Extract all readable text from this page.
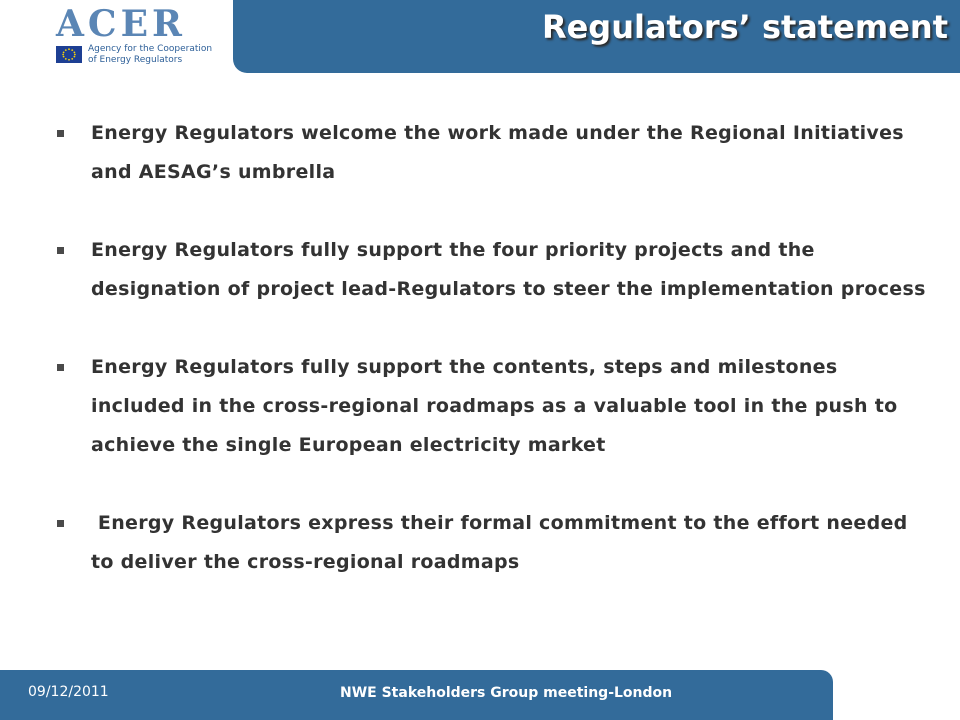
ACER
Agency for the Cooperation
of Energy Regulators
Regulators’ statement
Energy Regulators welcome the work made under the Regional Initiatives and AESAG’s umbrella
Energy Regulators fully support the four priority projects and the designation of project lead-Regulators to steer the implementation process
Energy Regulators fully support the contents, steps and milestones included in the cross-regional roadmaps as a valuable tool in the push to achieve the single European electricity market
Energy Regulators express their formal commitment to the effort needed to deliver the cross-regional roadmaps
09/12/2011	NWE Stakeholders Group meeting-London
